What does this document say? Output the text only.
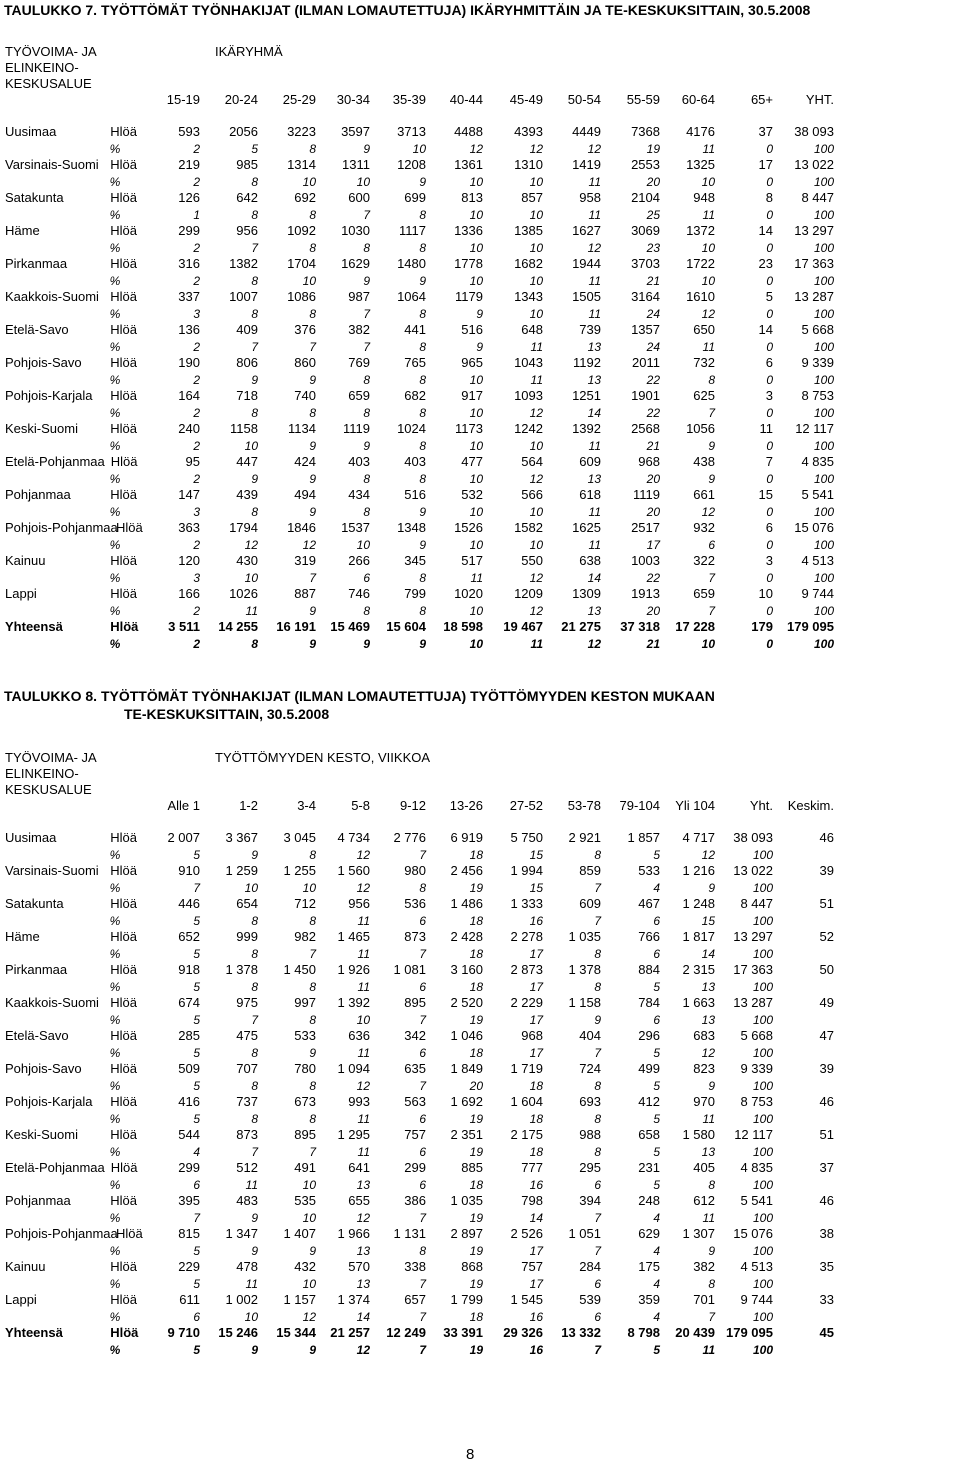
TAULUKKO 7. TYÖTTÖMÄT TYÖNHAKIJAT (ILMAN LOMAUTETTUJA) IKÄRYHMITTÄIN JA TE-KESKUKSITTAIN, 30.5.2008
TYÖVOIMA- JA
ELINKEINO-
KESKUSALUE
IKÄRYHMÄ
	15-19	20-24	25-29	30-34	35-39	40-44	45-49	50-54	55-59	60-64	65+	YHT.
Uusimaa Hlöä	593	2056	3223	3597	3713	4488	4393	4449	7368	4176	37	38 093

%	2	5	8	9	10	12	12	12	19	11	0	100

Varsinais-Suomi Hlöä	219	985	1314	1311	1208	1361	1310	1419	2553	1325	17	13 022

%	2	8	10	10	9	10	10	11	20	10	0	100

Satakunta Hlöä	126	642	692	600	699	813	857	958	2104	948	8	8 447

%	1	8	8	7	8	10	10	11	25	11	0	100

Häme Hlöä	299	956	1092	1030	1117	1336	1385	1627	3069	1372	14	13 297

%	2	7	8	8	8	10	10	12	23	10	0	100

Pirkanmaa Hlöä	316	1382	1704	1629	1480	1778	1682	1944	3703	1722	23	17 363

%	2	8	10	9	9	10	10	11	21	10	0	100

Kaakkois-Suomi Hlöä	337	1007	1086	987	1064	1179	1343	1505	3164	1610	5	13 287

%	3	8	8	7	8	9	10	11	24	12	0	100

Etelä-Savo Hlöä	136	409	376	382	441	516	648	739	1357	650	14	5 668

%	2	7	7	7	8	9	11	13	24	11	0	100

Pohjois-Savo Hlöä	190	806	860	769	765	965	1043	1192	2011	732	6	9 339

%	2	9	9	8	8	10	11	13	22	8	0	100

Pohjois-Karjala Hlöä	164	718	740	659	682	917	1093	1251	1901	625	3	8 753

%	2	8	8	8	8	10	12	14	22	7	0	100

Keski-Suomi Hlöä	240	1158	1134	1119	1024	1173	1242	1392	2568	1056	11	12 117

%	2	10	9	9	8	10	10	11	21	9	0	100

Etelä-Pohjanmaa Hlöä	95	447	424	403	403	477	564	609	968	438	7	4 835

%	2	9	9	8	8	10	12	13	20	9	0	100

Pohjanmaa Hlöä	147	439	494	434	516	532	566	618	1119	661	15	5 541

%	3	8	9	8	9	10	10	11	20	12	0	100

Pohjois-Pohjanmaa
Hlöä	363	1794	1846	1537	1348	1526	1582	1625	2517	932	6	15 076

%	2	12	12	10	9	10	10	11	17	6	0	100

Kainuu Hlöä	120	430	319	266	345	517	550	638	1003	322	3	4 513

%	3	10	7	6	8	11	12	14	22	7	0	100

Lappi Hlöä	166	1026	887	746	799	1020	1209	1309	1913	659	10	9 744

%	2	11	9	8	8	10	12	13	20	7	0	100

Yhteensä Hlöä	3 511	14 255	16 191	15 469	15 604	18 598	19 467	21 275	37 318	17 228	179	179 095

%	2	8	9	9	9	10	11	12	21	10	0	100
TAULUKKO 8. TYÖTTÖMÄT TYÖNHAKIJAT (ILMAN LOMAUTETTUJA) TYÖTTÖMYYDEN KESTON MUKAAN
TE-KESKUKSITTAIN, 30.5.2008
TYÖVOIMA- JA
ELINKEINO-
KESKUSALUE
TYÖTTÖMYYDEN KESTO, VIIKKOA
	Alle 1	1-2	3-4	5-8	9-12	13-26	27-52	53-78	79-104	Yli 104	Yht.	Keskim.
Uusimaa Hlöä	2 007	3 367	3 045	4 734	2 776	6 919	5 750	2 921	1 857	4 717	38 093	46

%	5	9	8	12	7	18	15	8	5	12	100	

Varsinais-Suomi Hlöä	910	1 259	1 255	1 560	980	2 456	1 994	859	533	1 216	13 022	39

%	7	10	10	12	8	19	15	7	4	9	100	

Satakunta Hlöä	446	654	712	956	536	1 486	1 333	609	467	1 248	8 447	51

%	5	8	8	11	6	18	16	7	6	15	100	

Häme Hlöä	652	999	982	1 465	873	2 428	2 278	1 035	766	1 817	13 297	52

%	5	8	7	11	7	18	17	8	6	14	100	

Pirkanmaa Hlöä	918	1 378	1 450	1 926	1 081	3 160	2 873	1 378	884	2 315	17 363	50

%	5	8	8	11	6	18	17	8	5	13	100	

Kaakkois-Suomi Hlöä	674	975	997	1 392	895	2 520	2 229	1 158	784	1 663	13 287	49

%	5	7	8	10	7	19	17	9	6	13	100	

Etelä-Savo Hlöä	285	475	533	636	342	1 046	968	404	296	683	5 668	47

%	5	8	9	11	6	18	17	7	5	12	100	

Pohjois-Savo Hlöä	509	707	780	1 094	635	1 849	1 719	724	499	823	9 339	39

%	5	8	8	12	7	20	18	8	5	9	100	

Pohjois-Karjala Hlöä	416	737	673	993	563	1 692	1 604	693	412	970	8 753	46

%	5	8	8	11	6	19	18	8	5	11	100	

Keski-Suomi Hlöä	544	873	895	1 295	757	2 351	2 175	988	658	1 580	12 117	51

%	4	7	7	11	6	19	18	8	5	13	100	

Etelä-Pohjanmaa Hlöä	299	512	491	641	299	885	777	295	231	405	4 835	37

%	6	11	10	13	6	18	16	6	5	8	100	

Pohjanmaa Hlöä	395	483	535	655	386	1 035	798	394	248	612	5 541	46

%	7	9	10	12	7	19	14	7	4	11	100	

Pohjois-Pohjanmaa
Hlöä	815	1 347	1 407	1 966	1 131	2 897	2 526	1 051	629	1 307	15 076	38

%	5	9	9	13	8	19	17	7	4	9	100	

Kainuu Hlöä	229	478	432	570	338	868	757	284	175	382	4 513	35

%	5	11	10	13	7	19	17	6	4	8	100	

Lappi Hlöä	611	1 002	1 157	1 374	657	1 799	1 545	539	359	701	9 744	33

%	6	10	12	14	7	18	16	6	4	7	100	

Yhteensä Hlöä	9 710	15 246	15 344	21 257	12 249	33 391	29 326	13 332	8 798	20 439	179 095	45

%	5	9	9	12	7	19	16	7	5	11	100	
8
